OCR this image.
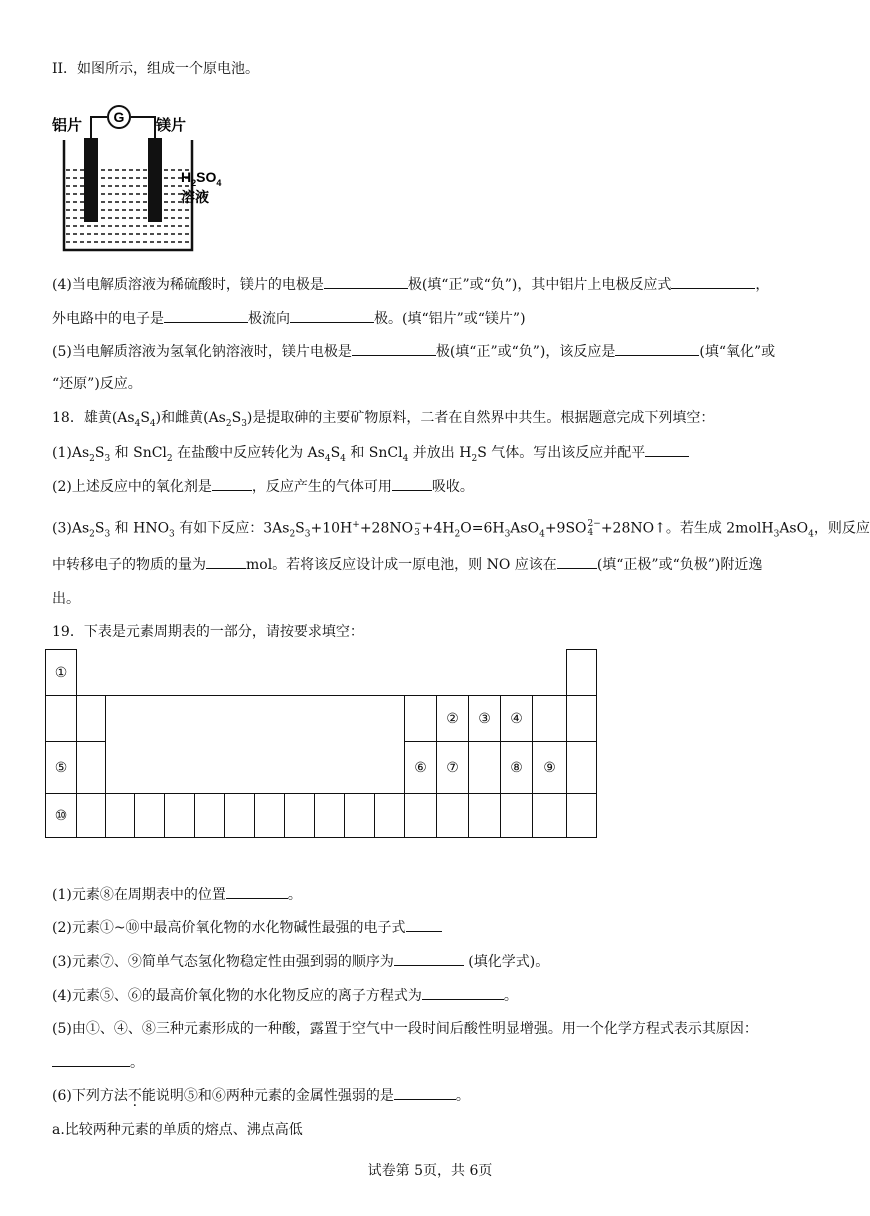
II．如图所示，组成一个原电池。
G
铝片	镁片
$H_2SO_4$
溶液
(4)当电解质溶液为稀硫酸时，镁片的电极是	极(填“正”或“负”)，其中铝片上电极反应式	，
外电路中的电子是	极流向	极。(填“铝片”或“镁片”)
(5)当电解质溶液为氢氧化钠溶液时，镁片电极是	极(填“正”或“负”)，该反应是	(填“氧化”或
“还原”)反应。
18．雄黄$(As_4S_4)$和雌黄$(As_2S_3)$是提取砷的主要矿物原料，二者在自然界中共生。根据题意完成下列填空：
$(1)As_2S_3$ 和 SnCl$_2$ 在盐酸中反应转化为 $As_4S_4$ 和 SnCl$_4$ 并放出 $H_2S$ 气体。写出该反应并配平
(2)上述反应中的氧化剂是	，反应产生的气体可用	吸收。
$(3)As_2S_3$ 和 $HNO_3$ 有如下反应：$3As_2S_3+10H^++28NO$ −
$3 +4H_2O=6H_3AsO_4+9SO$ 2−
4 +28NO↑。若生成 2molH$_3$AsO$_4$，则反应
中转移电子的物质的量为	mol。若将该反应设计成一原电池，则 NO 应该在	(填“正极”或“负极”)附近逸
出。
19．下表是元素周期表的一部分，请按要求填空：
①																	
													②	③	④		
⑤												⑥	⑦		⑧	⑨	
⑩																	
(1)元素⑧在周期表中的位置	。
(2)元素①~⑩中最高价氧化物的水化物碱性最强的电子式
(3)元素⑦、⑨简单气态氢化物稳定性由强到弱的顺序为	(填化学式)。
(4)元素⑤、⑥的最高价氧化物的水化物反应的离子方程式为	。
(5)由①、④、⑧三种元素形成的一种酸，露置于空气中一段时间后酸性明显增强。用一个化学方程式表示其原因：
。
(6)下列方法不能说明⑤和⑥两种元素的金属性强弱的是	。
a.比较两种元素的单质的熔点、沸点高低
试卷第 5页，共 6页
